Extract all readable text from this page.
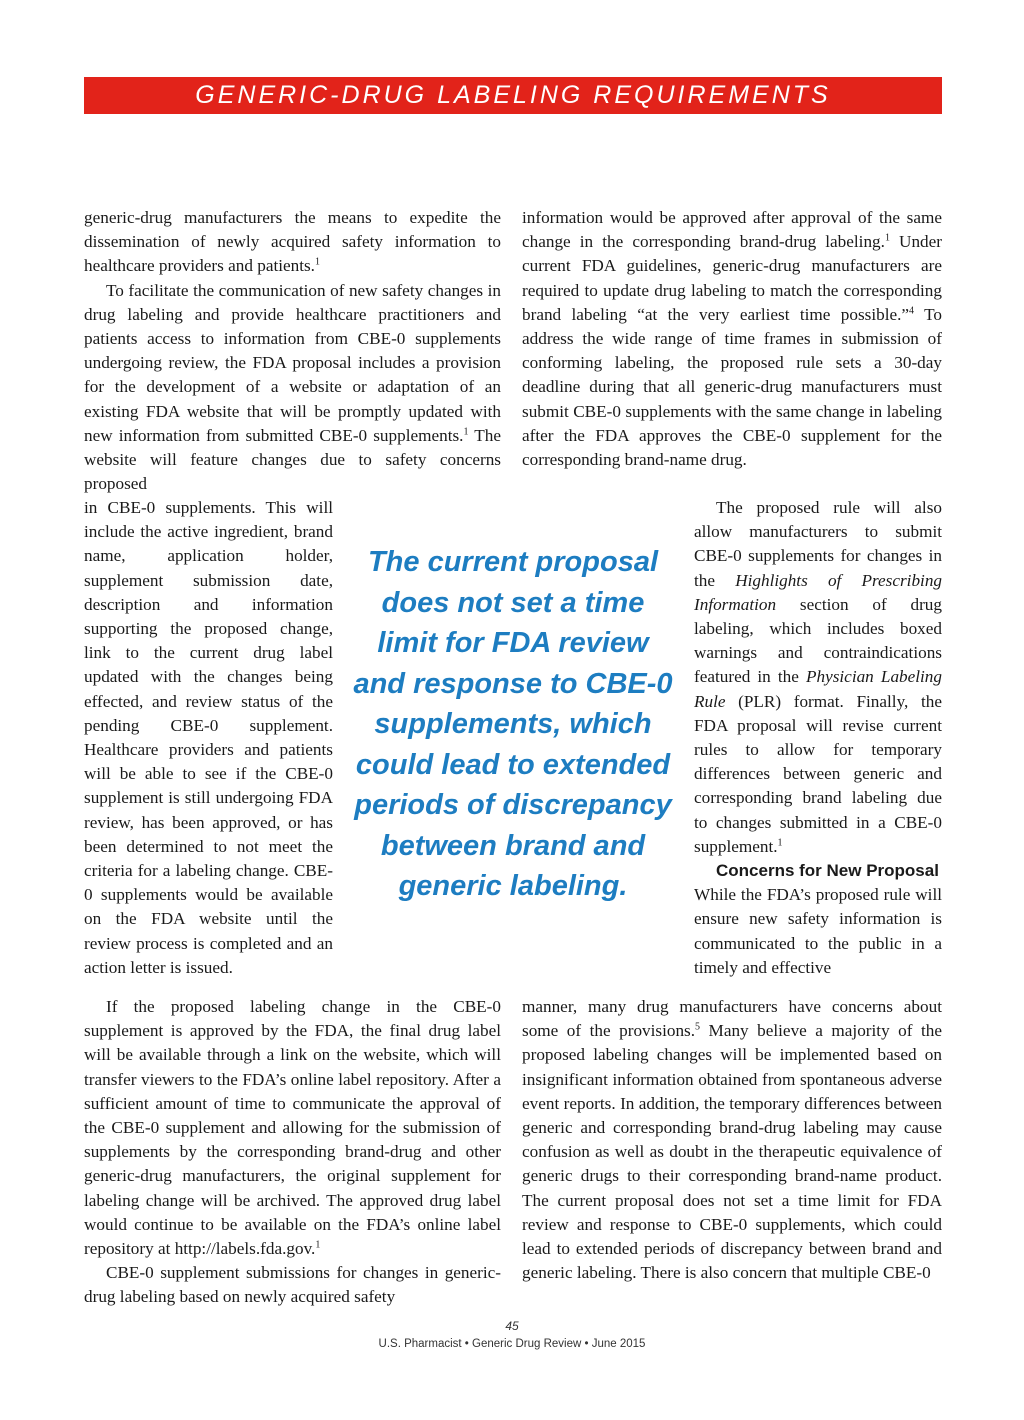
GENERIC-DRUG LABELING REQUIREMENTS

generic-drug manufacturers the means to expedite the dissemination of newly acquired safety information to healthcare providers and patients.$^1$

To facilitate the communication of new safety changes in drug labeling and provide healthcare practitioners and patients access to information from CBE-0 supplements undergoing review, the FDA proposal includes a provision for the development of a website or adaptation of an existing FDA website that will be promptly updated with new information from submitted CBE-0 supplements.$^1$ The website will feature changes due to safety concerns proposed

in CBE-0 supplements. This will include the active ingredient, brand name, application holder, supplement submission date, description and information supporting the proposed change, link to the current drug label updated with the changes being effected, and review status of the pending CBE-0 supplement. Healthcare providers and patients will be able to see if the CBE-0 supplement is still undergoing FDA review, has been approved, or has been determined to not meet the criteria for a labeling change. CBE-0 supplements would be available on the FDA website until the review process is completed and an action letter is issued.

If the proposed labeling change in the CBE-0 supplement is approved by the FDA, the final drug label will be available through a link on the website, which will transfer viewers to the FDA’s online label repository. After a sufficient amount of time to communicate the approval of the CBE-0 supplement and allowing for the submission of supplements by the corresponding brand-drug and other generic-drug manufacturers, the original supplement for labeling change will be archived. The approved drug label would continue to be available on the FDA’s online label repository at http://labels.fda.gov.$^1$

CBE-0 supplement submissions for changes in generic-drug labeling based on newly acquired safety

information would be approved after approval of the same change in the corresponding brand-drug labeling.$^1$ Under current FDA guidelines, generic-drug manufacturers are required to update drug labeling to match the corresponding brand labeling “at the very earliest time possible.”$^4$ To address the wide range of time frames in submission of conforming labeling, the proposed rule sets a 30-day deadline during that all generic-drug manufacturers must submit CBE-0 supplements with the same change in labeling after the FDA approves the CBE-0 supplement for the corresponding brand-name drug.

The proposed rule will also allow manufacturers to submit CBE-0 supplements for changes in the Highlights of Prescribing Information section of drug labeling, which includes boxed warnings and contraindications featured in the Physician Labeling Rule (PLR) format. Finally, the FDA proposal will revise current rules to allow for temporary differences between generic and corresponding brand labeling due to changes submitted in a CBE-0 supplement.$^1$

Concerns for New Proposal

While the FDA’s proposed rule will ensure new safety information is communicated to the public in a timely and effective

manner, many drug manufacturers have concerns about some of the provisions.$^5$ Many believe a majority of the proposed labeling changes will be implemented based on insignificant information obtained from spontaneous adverse event reports. In addition, the temporary differences between generic and corresponding brand-drug labeling may cause confusion as well as doubt in the therapeutic equivalence of generic drugs to their corresponding brand-name product. The current proposal does not set a time limit for FDA review and response to CBE-0 supplements, which could lead to extended periods of discrepancy between brand and generic labeling. There is also concern that multiple CBE-0

The current proposal does not set a time limit for FDA review and response to CBE-0 supplements, which could lead to extended periods of discrepancy between brand and generic labeling.
45
U.S. Pharmacist • Generic Drug Review • June 2015
